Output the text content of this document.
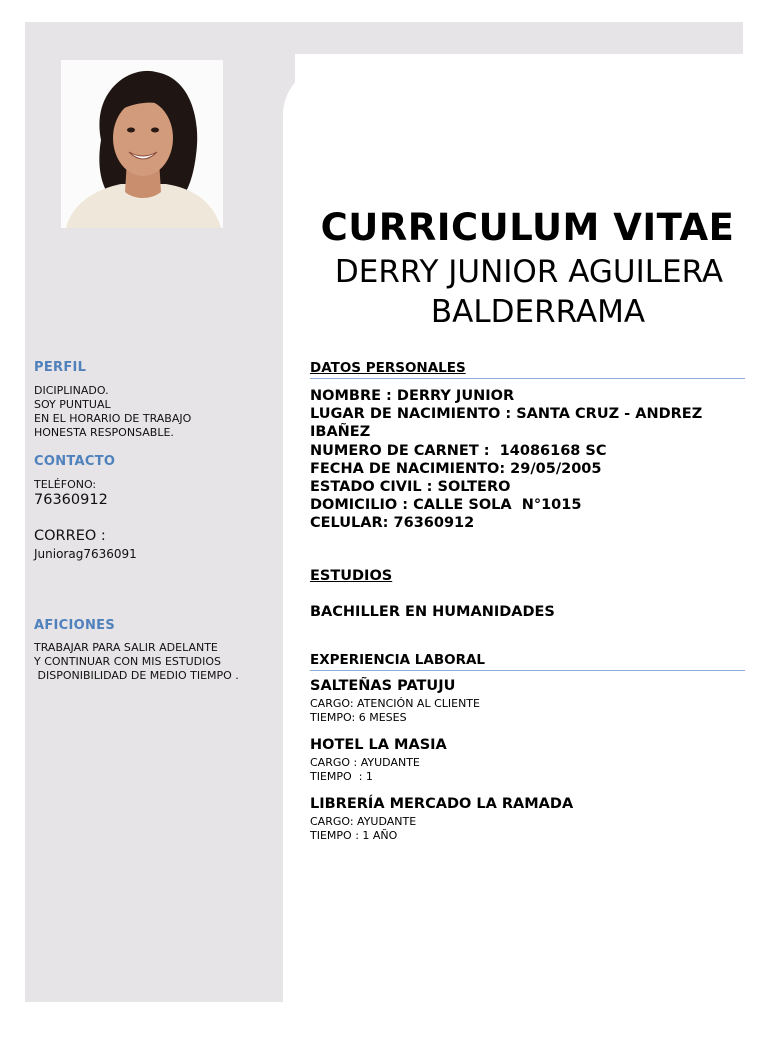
PERFIL
DICIPLINADO.
SOY PUNTUAL
EN EL HORARIO DE TRABAJO
HONESTA RESPONSABLE.
CONTACTO
TELÉFONO:
76360912
CORREO :
Juniorag7636091
AFICIONES
TRABAJAR PARA SALIR ADELANTE
Y CONTINUAR CON MIS ESTUDIOS
DISPONIBILIDAD DE MEDIO TIEMPO .
CURRICULUM VITAE
DERRY JUNIOR AGUILERA
BALDERRAMA
DATOS PERSONALES
NOMBRE : DERRY JUNIOR
LUGAR DE NACIMIENTO : SANTA CRUZ - ANDREZ
IBAÑEZ
NUMERO DE CARNET :  14086168 SC
FECHA DE NACIMIENTO: 29/05/2005
ESTADO CIVIL : SOLTERO
DOMICILIO : CALLE SOLA  N°1015
CELULAR: 76360912
ESTUDIOS
BACHILLER EN HUMANIDADES
EXPERIENCIA LABORAL
SALTEÑAS PATUJU
CARGO: ATENCIÓN AL CLIENTE
TIEMPO: 6 MESES
HOTEL LA MASIA
CARGO : AYUDANTE
TIEMPO  : 1
LIBRERÍA MERCADO LA RAMADA
CARGO: AYUDANTE
TIEMPO : 1 AÑO
